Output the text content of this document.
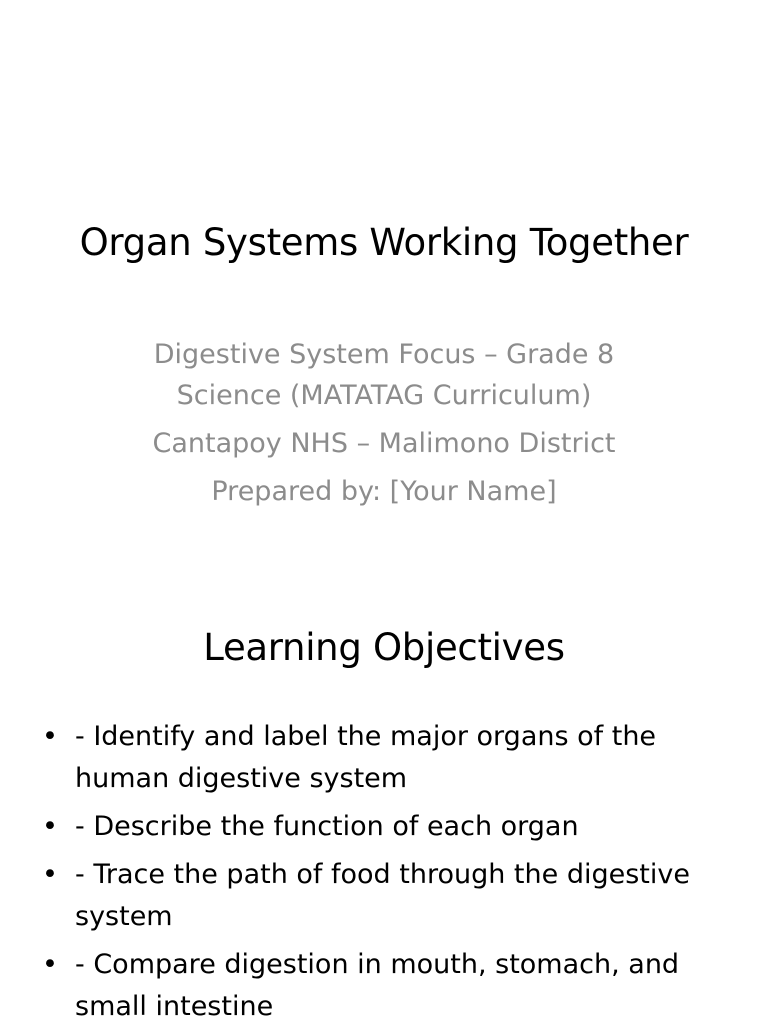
Organ Systems Working Together

Digestive System Focus – Grade 8 Science (MATATAG Curriculum)

Cantapoy NHS – Malimono District

Prepared by: [Your Name]

Learning Objectives
• - Identify and label the major organs of the human digestive system
• - Describe the function of each organ
• - Trace the path of food through the digestive system
• - Compare digestion in mouth, stomach, and small intestine
